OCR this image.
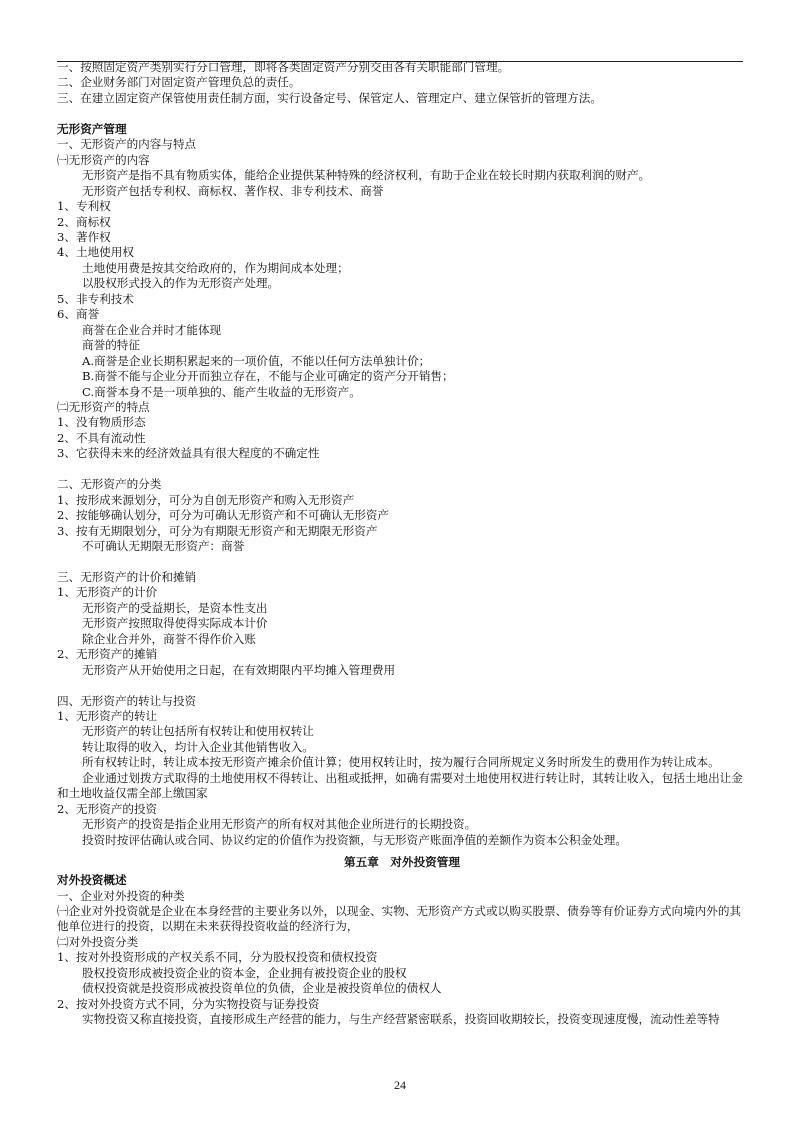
一、按照固定资产类别实行分口管理，即将各类固定资产分别交由各有关职能部门管理。
二、企业财务部门对固定资产管理负总的责任。
三、在建立固定资产保管使用责任制方面，实行设备定号、保管定人、管理定户、建立保管折的管理方法。
无形资产管理
一、无形资产的内容与特点
㈠无形资产的内容
无形资产是指不具有物质实体，能给企业提供某种特殊的经济权利，有助于企业在较长时期内获取利润的财产。
无形资产包括专利权、商标权、著作权、非专利技术、商誉
1、专利权
2、商标权
3、著作权
4、土地使用权
土地使用费是按其交给政府的，作为期间成本处理；
以股权形式投入的作为无形资产处理。
5、非专利技术
6、商誉
商誉在企业合并时才能体现
商誉的特征
A.商誉是企业长期积累起来的一项价值，不能以任何方法单独计价；
B.商誉不能与企业分开而独立存在，不能与企业可确定的资产分开销售；
C.商誉本身不是一项单独的、能产生收益的无形资产。
㈡无形资产的特点
1、没有物质形态
2、不具有流动性
3、它获得未来的经济效益具有很大程度的不确定性
二、无形资产的分类
1、按形成来源划分，可分为自创无形资产和购入无形资产
2、按能够确认划分，可分为可确认无形资产和不可确认无形资产
3、按有无期限划分，可分为有期限无形资产和无期限无形资产
不可确认无期限无形资产：商誉
三、无形资产的计价和摊销
1、无形资产的计价
无形资产的受益期长，是资本性支出
无形资产按照取得使得实际成本计价
除企业合并外，商誉不得作价入账
2、无形资产的摊销
无形资产从开始使用之日起，在有效期限内平均摊入管理费用
四、无形资产的转让与投资
1、无形资产的转让
无形资产的转让包括所有权转让和使用权转让
转让取得的收入，均计入企业其他销售收入。
所有权转让时，转让成本按无形资产摊余价值计算；使用权转让时，按为履行合同所规定义务时所发生的费用作为转让成本。
企业通过划拨方式取得的土地使用权不得转让、出租或抵押，如确有需要对土地使用权进行转让时，其转让收入，包括土地出让金和土地收益仅需全部上缴国家
2、无形资产的投资
无形资产的投资是指企业用无形资产的所有权对其他企业所进行的长期投资。
投资时按评估确认或合同、协议约定的价值作为投资额，与无形资产账面净值的差额作为资本公积金处理。
第五章　对外投资管理
对外投资概述
一、企业对外投资的种类
㈠企业对外投资就是企业在本身经营的主要业务以外，以现金、实物、无形资产方式或以购买股票、债券等有价证券方式向境内外的其他单位进行的投资，以期在未来获得投资收益的经济行为，
㈡对外投资分类
1、按对外投资形成的产权关系不同，分为股权投资和债权投资
股权投资形成被投资企业的资本金，企业拥有被投资企业的股权
债权投资就是投资形成被投资单位的负债，企业是被投资单位的债权人
2、按对外投资方式不同，分为实物投资与证券投资
实物投资又称直接投资，直接形成生产经营的能力，与生产经营紧密联系，投资回收期较长，投资变现速度慢，流动性差等特
24
